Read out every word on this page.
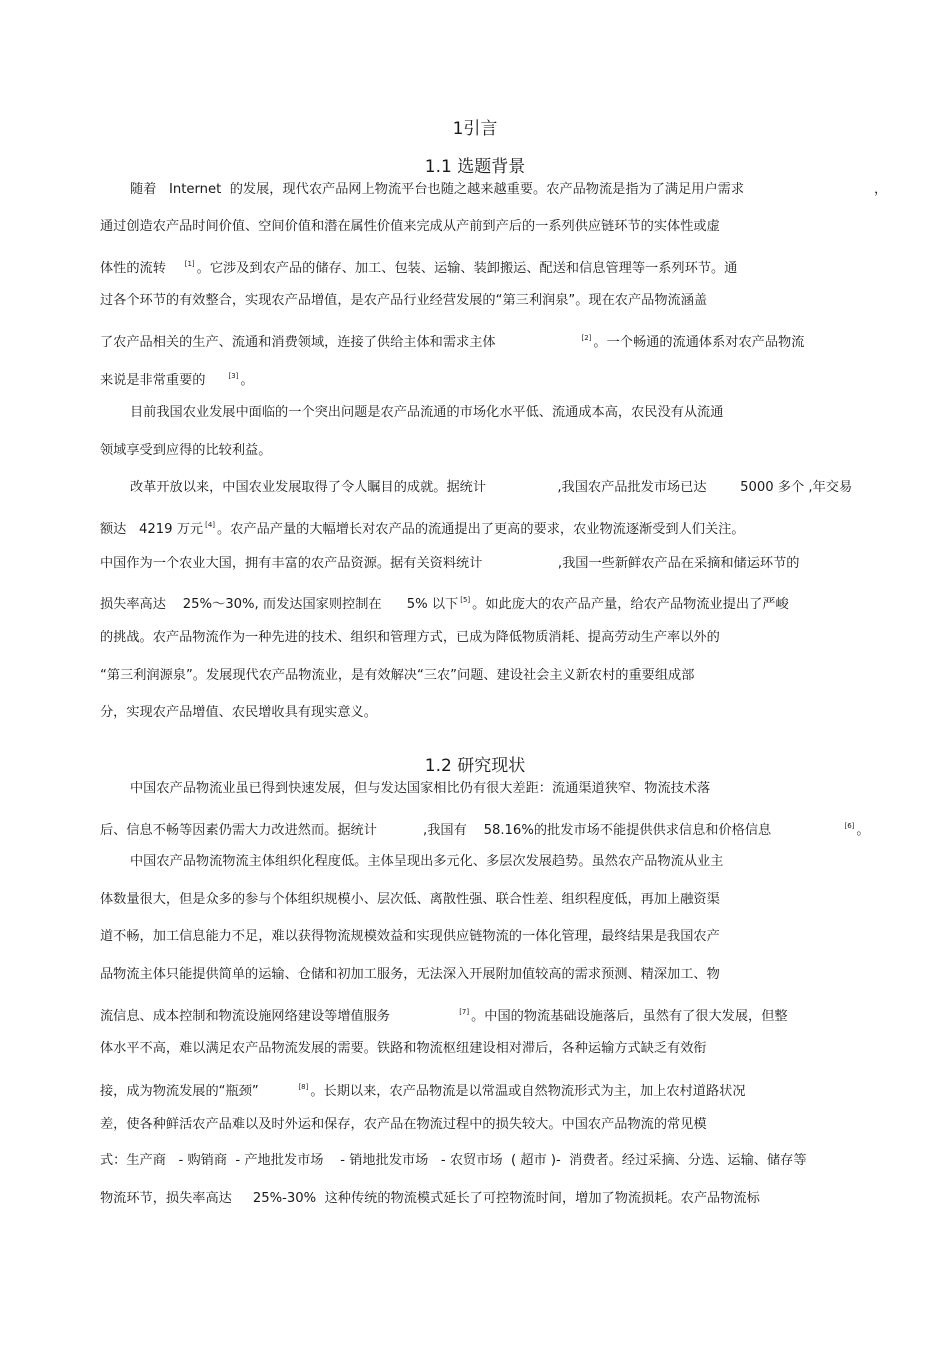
1引言
1.1 选题背景
随着   Internet  的发展，现代农产品网上物流平台也随之越来越重要。农产品物流是指为了满足用户需求                               ，
通过创造农产品时间价值、空间价值和潜在属性价值来完成从产前到产后的一系列供应链环节的实体性或虚
体性的流转    [1] 。它涉及到农产品的储存、加工、包装、运输、装卸搬运、配送和信息管理等一系列环节。通
过各个环节的有效整合，实现农产品增值，是农产品行业经营发展的“第三利润泉”。现在农产品物流涵盖
了农产品相关的生产、流通和消费领域，连接了供给主体和需求主体                    [2] 。一个畅通的流通体系对农产品物流
来说是非常重要的     [3] 。
目前我国农业发展中面临的一个突出问题是农产品流通的市场化水平低、流通成本高，农民没有从流通
领域享受到应得的比较利益。
改革开放以来，中国农业发展取得了令人瞩目的成就。据统计                 ,我国农产品批发市场已达        5000 多个 ,年交易
额达   4219 万元 [4] 。农产品产量的大幅增长对农产品的流通提出了更高的要求，农业物流逐渐受到人们关注。
中国作为一个农业大国，拥有丰富的农产品资源。据有关资料统计                  ,我国一些新鲜农产品在采摘和储运环节的
损失率高达    25%～30%, 而发达国家则控制在      5% 以下 [5] 。如此庞大的农产品产量，给农产品物流业提出了严峻
的挑战。农产品物流作为一种先进的技术、组织和管理方式，已成为降低物质消耗、提高劳动生产率以外的
“第三利润源泉”。发展现代农产品物流业，是有效解决“三农”问题、建设社会主义新农村的重要组成部
分，实现农产品增值、农民增收具有现实意义。
1.2 研究现状
中国农产品物流业虽已得到快速发展，但与发达国家相比仍有很大差距：流通渠道狭窄、物流技术落
后、信息不畅等因素仍需大力改进然而。据统计           ,我国有    58.16%的批发市场不能提供供求信息和价格信息                 [6] 。
中国农产品物流物流主体组织化程度低。主体呈现出多元化、多层次发展趋势。虽然农产品物流从业主
体数量很大，但是众多的参与个体组织规模小、层次低、离散性强、联合性差、组织程度低，再加上融资渠
道不畅，加工信息能力不足，难以获得物流规模效益和实现供应链物流的一体化管理，最终结果是我国农产
品物流主体只能提供简单的运输、仓储和初加工服务，无法深入开展附加值较高的需求预测、精深加工、物
流信息、成本控制和物流设施网络建设等增值服务                [7] 。中国的物流基础设施落后，虽然有了很大发展，但整
体水平不高，难以满足农产品物流发展的需要。铁路和物流枢纽建设相对滞后，各种运输方式缺乏有效衔
接，成为物流发展的“瓶颈”         [8] 。长期以来，农产品物流是以常温或自然物流形式为主，加上农村道路状况
差，使各种鲜活农产品难以及时外运和保存，农产品在物流过程中的损失较大。中国农产品物流的常见模
式：生产商   - 购销商  - 产地批发市场    - 销地批发市场   - 农贸市场  ( 超市 )-  消费者。经过采摘、分选、运输、储存等
物流环节，损失率高达     25%-30%  这种传统的物流模式延长了可控物流时间，增加了物流损耗。农产品物流标
